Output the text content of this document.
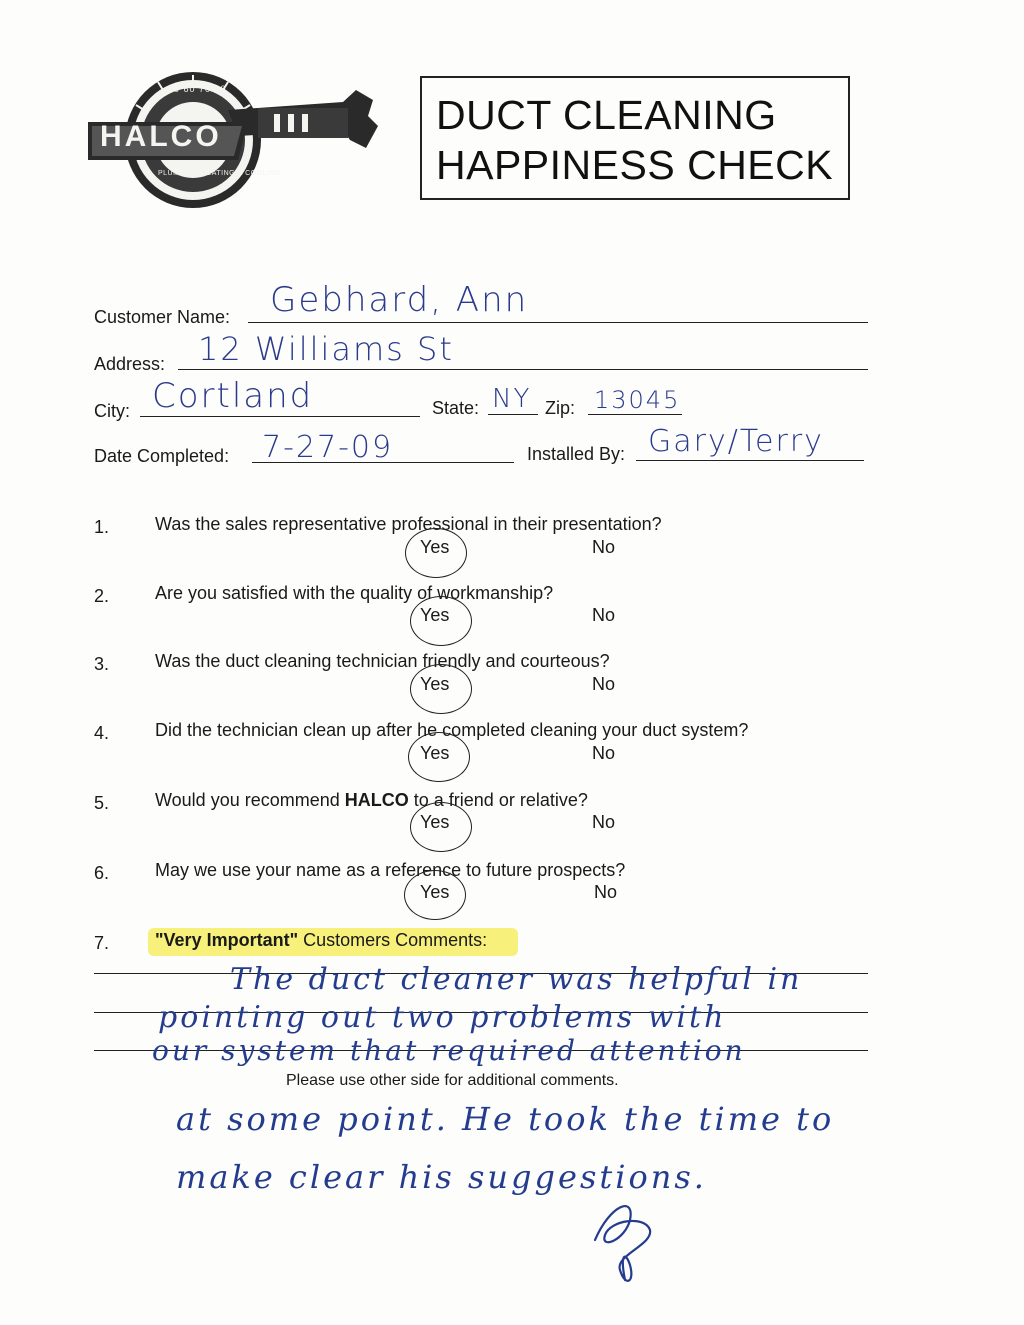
HALCO
50 60 70 80
PLUMBING HEATING & COOLING
DUCT CLEANING
HAPPINESS CHECK
Customer Name: Gebhard, Ann
Address: 12 Williams St
City: Cortland	State: NY Zip: 13045
Date Completed: 7-27-09	Installed By: Gary/Terry
1.	Was the sales representative professional in their presentation?
Yes	No
2.	Are you satisfied with the quality of workmanship?
Yes	No
3.	Was the duct cleaning technician friendly and courteous?
Yes	No
4.	Did the technician clean up after he completed cleaning your duct system?
Yes	No
5.	Would you recommend HALCO to a friend or relative?
Yes	No
6.	May we use your name as a reference to future prospects?
Yes	No
7.	"Very Important" Customers Comments:
The duct cleaner was helpful in
pointing out two problems with
our system that required attention
Please use other side for additional comments.
at some point. He took the time to
make clear his suggestions.
